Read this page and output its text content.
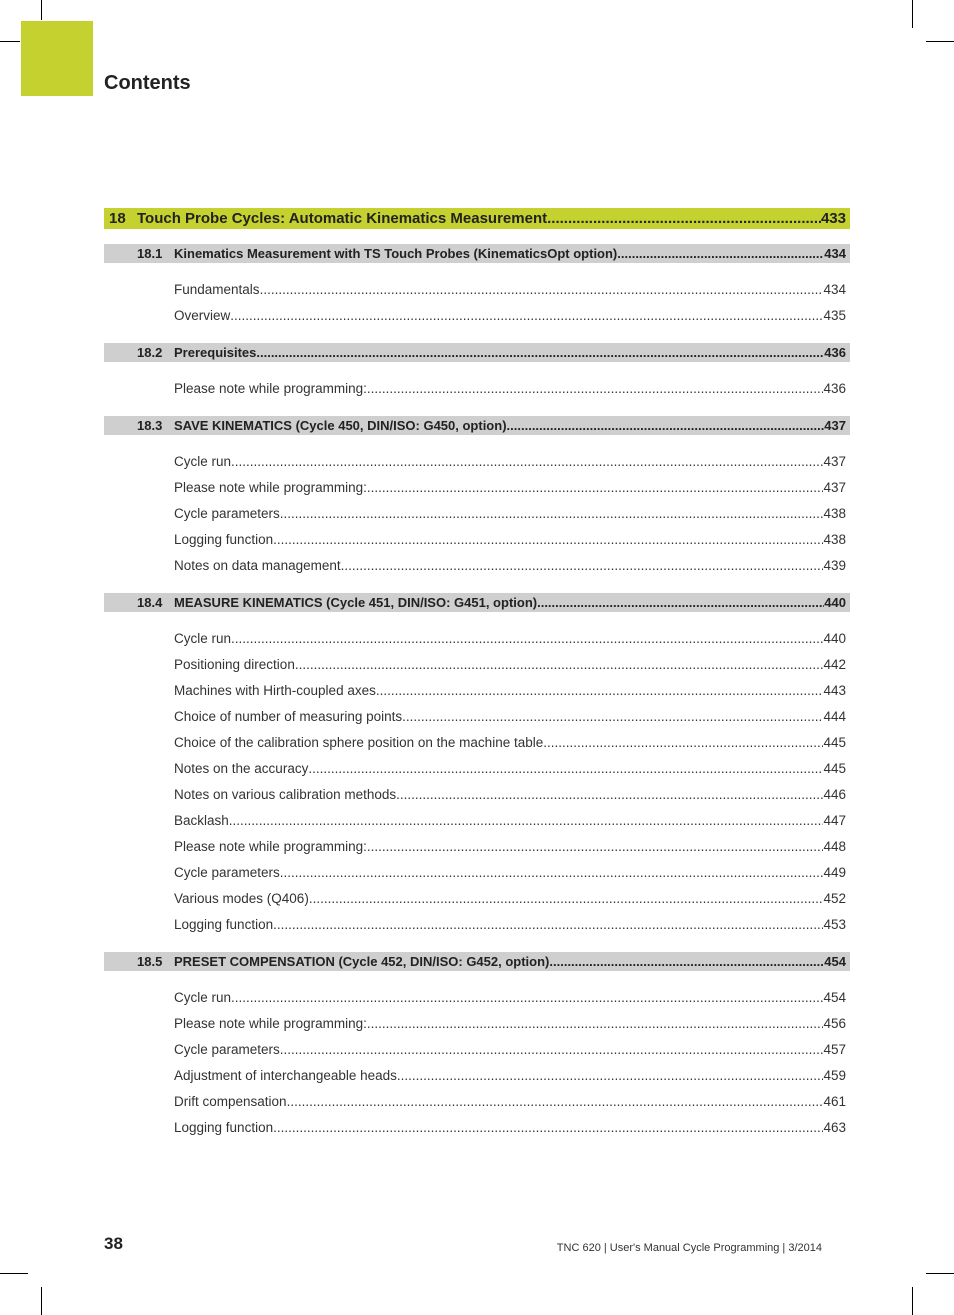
Contents
18 Touch Probe Cycles: Automatic Kinematics Measurement .....	433
18.1 Kinematics Measurement with TS Touch Probes (KinematicsOpt option) .....	434
Fundamentals .....	434
Overview .....	435
18.2 Prerequisites .....	436
Please note while programming: .....	436
18.3 SAVE KINEMATICS (Cycle 450, DIN/ISO: G450, option) .....	437
Cycle run .....	437
Please note while programming: .....	437
Cycle parameters .....	438
Logging function .....	438
Notes on data management .....	439
18.4 MEASURE KINEMATICS (Cycle 451, DIN/ISO: G451, option) .....	440
Cycle run .....	440
Positioning direction .....	442
Machines with Hirth-coupled axes .....	443
Choice of number of measuring points .....	444
Choice of the calibration sphere position on the machine table .....	445
Notes on the accuracy .....	445
Notes on various calibration methods .....	446
Backlash .....	447
Please note while programming: .....	448
Cycle parameters .....	449
Various modes (Q406) .....	452
Logging function .....	453
18.5 PRESET COMPENSATION (Cycle 452, DIN/ISO: G452, option) .....	454
Cycle run .....	454
Please note while programming: .....	456
Cycle parameters .....	457
Adjustment of interchangeable heads .....	459
Drift compensation .....	461
Logging function .....	463
38	TNC 620 | User's Manual Cycle Programming | 3/2014
